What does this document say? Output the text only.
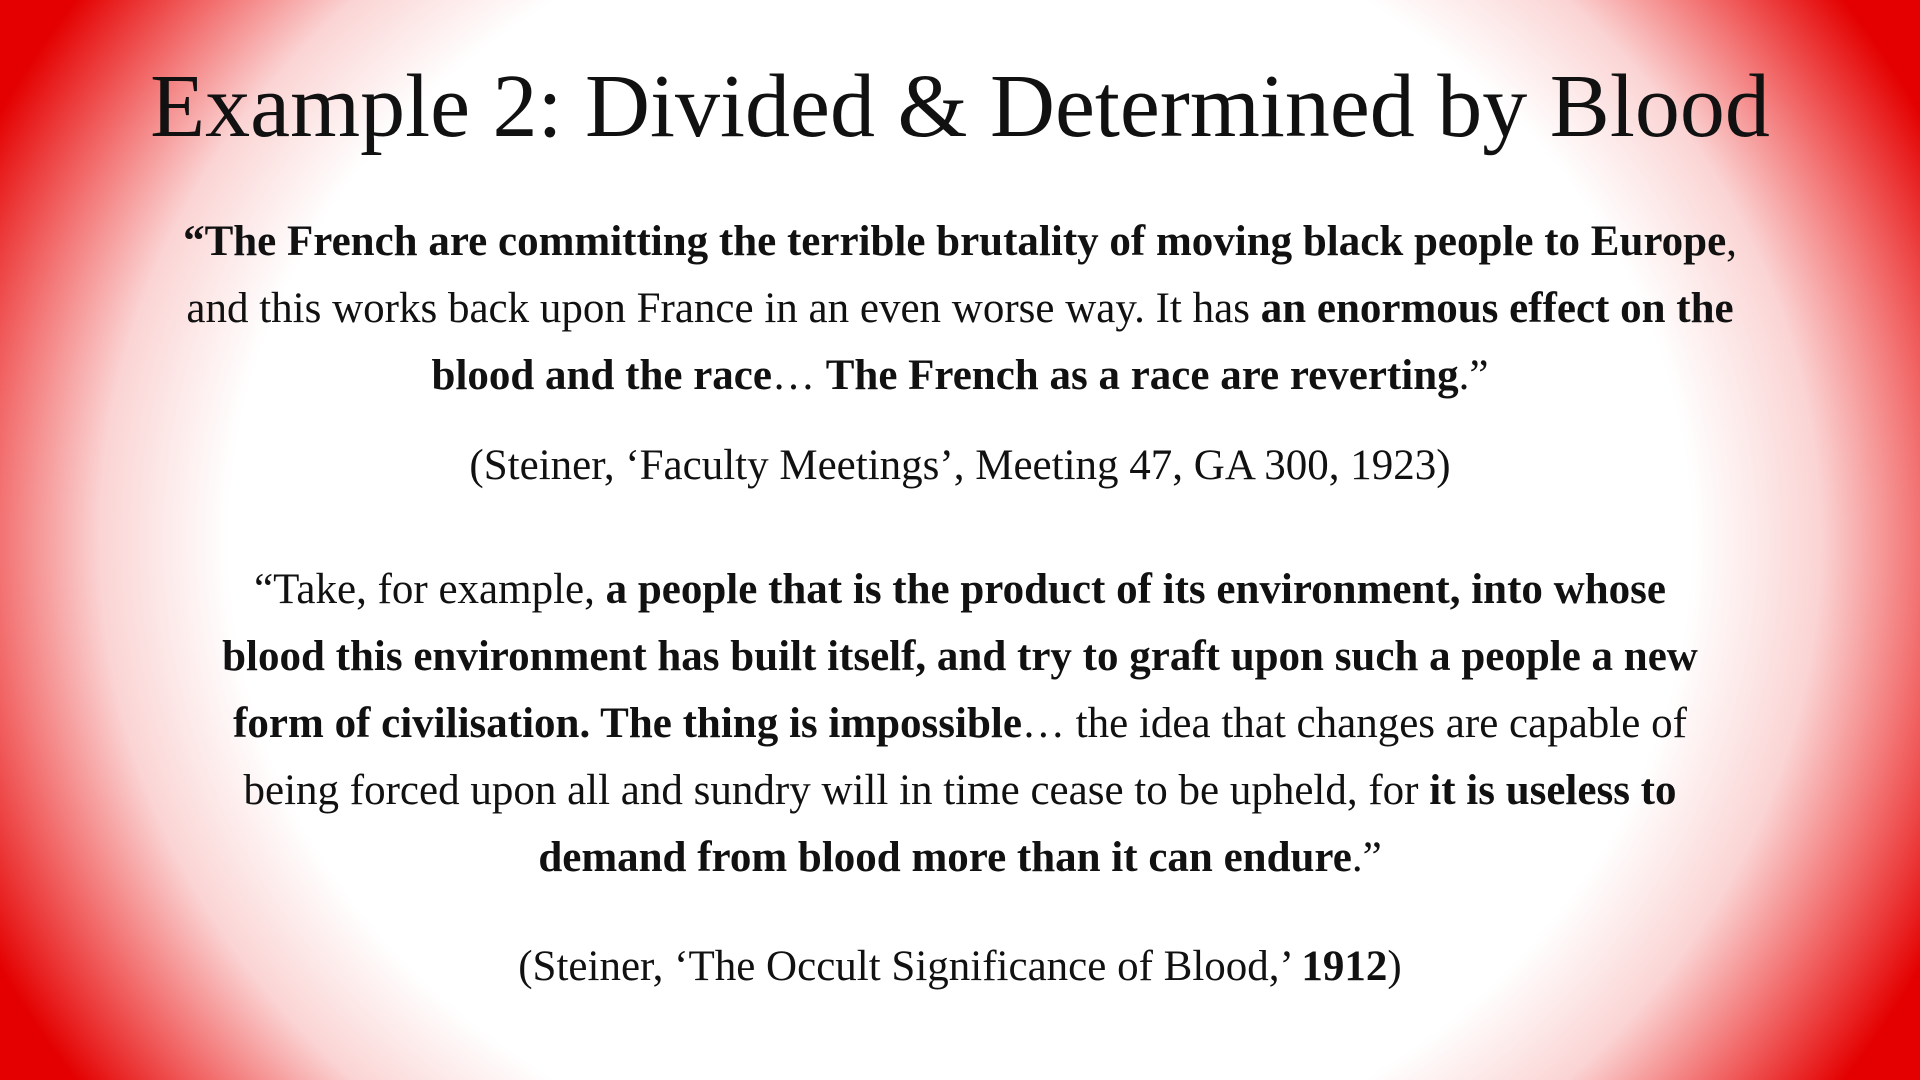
Example 2: Divided & Determined by Blood

“The French are committing the terrible brutality of moving black people to Europe, and this works back upon France in an even worse way. It has an enormous effect on the blood and the race… The French as a race are reverting.”

(Steiner, ‘Faculty Meetings’, Meeting 47, GA 300, 1923)

“Take, for example, a people that is the product of its environment, into whose blood this environment has built itself, and try to graft upon such a people a new form of civilisation. The thing is impossible… the idea that changes are capable of being forced upon all and sundry will in time cease to be upheld, for it is useless to demand from blood more than it can endure.”

(Steiner, ‘The Occult Significance of Blood,’ 1912)
